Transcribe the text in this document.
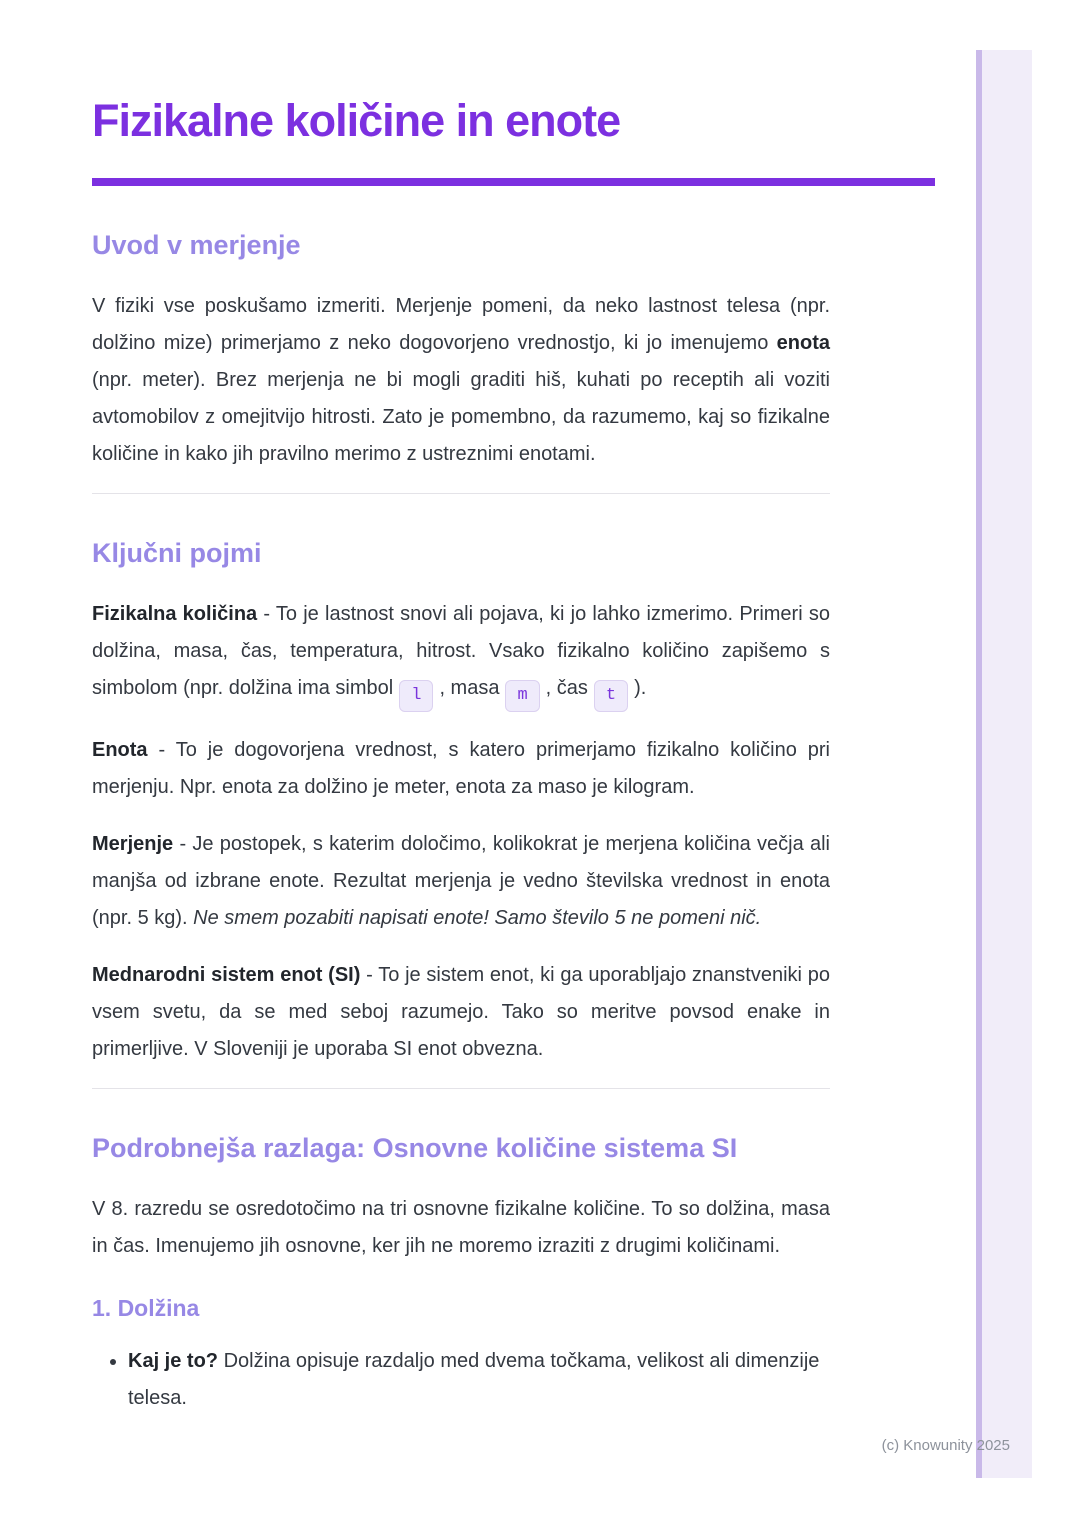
(c) Knowunity 2025
Fizikalne količine in enote
Uvod v merjenje

V fiziki vse poskušamo izmeriti. Merjenje pomeni, da neko lastnost telesa (npr. dolžino mize) primerjamo z neko dogovorjeno vrednostjo, ki jo imenujemo enota (npr. meter). Brez merjenja ne bi mogli graditi hiš, kuhati po receptih ali voziti avtomobilov z omejitvijo hitrosti. Zato je pomembno, da razumemo, kaj so fizikalne količine in kako jih pravilno merimo z ustreznimi enotami.

Ključni pojmi

Fizikalna količina - To je lastnost snovi ali pojava, ki jo lahko izmerimo. Primeri so dolžina, masa, čas, temperatura, hitrost. Vsako fizikalno količino zapišemo s simbolom (npr. dolžina ima simbol l , masa m , čas t ).

Enota - To je dogovorjena vrednost, s katero primerjamo fizikalno količino pri merjenju. Npr. enota za dolžino je meter, enota za maso je kilogram.

Merjenje - Je postopek, s katerim določimo, kolikokrat je merjena količina večja ali manjša od izbrane enote. Rezultat merjenja je vedno številska vrednost in enota (npr. 5 kg). Ne smem pozabiti napisati enote! Samo število 5 ne pomeni nič.

Mednarodni sistem enot (SI) - To je sistem enot, ki ga uporabljajo znanstveniki po vsem svetu, da se med seboj razumejo. Tako so meritve povsod enake in primerljive. V Sloveniji je uporaba SI enot obvezna.

Podrobnejša razlaga: Osnovne količine sistema SI

V 8. razredu se osredotočimo na tri osnovne fizikalne količine. To so dolžina, masa in čas. Imenujemo jih osnovne, ker jih ne moremo izraziti z drugimi količinami.

1. Dolžina
• Kaj je to? Dolžina opisuje razdaljo med dvema točkama, velikost ali dimenzije telesa.
